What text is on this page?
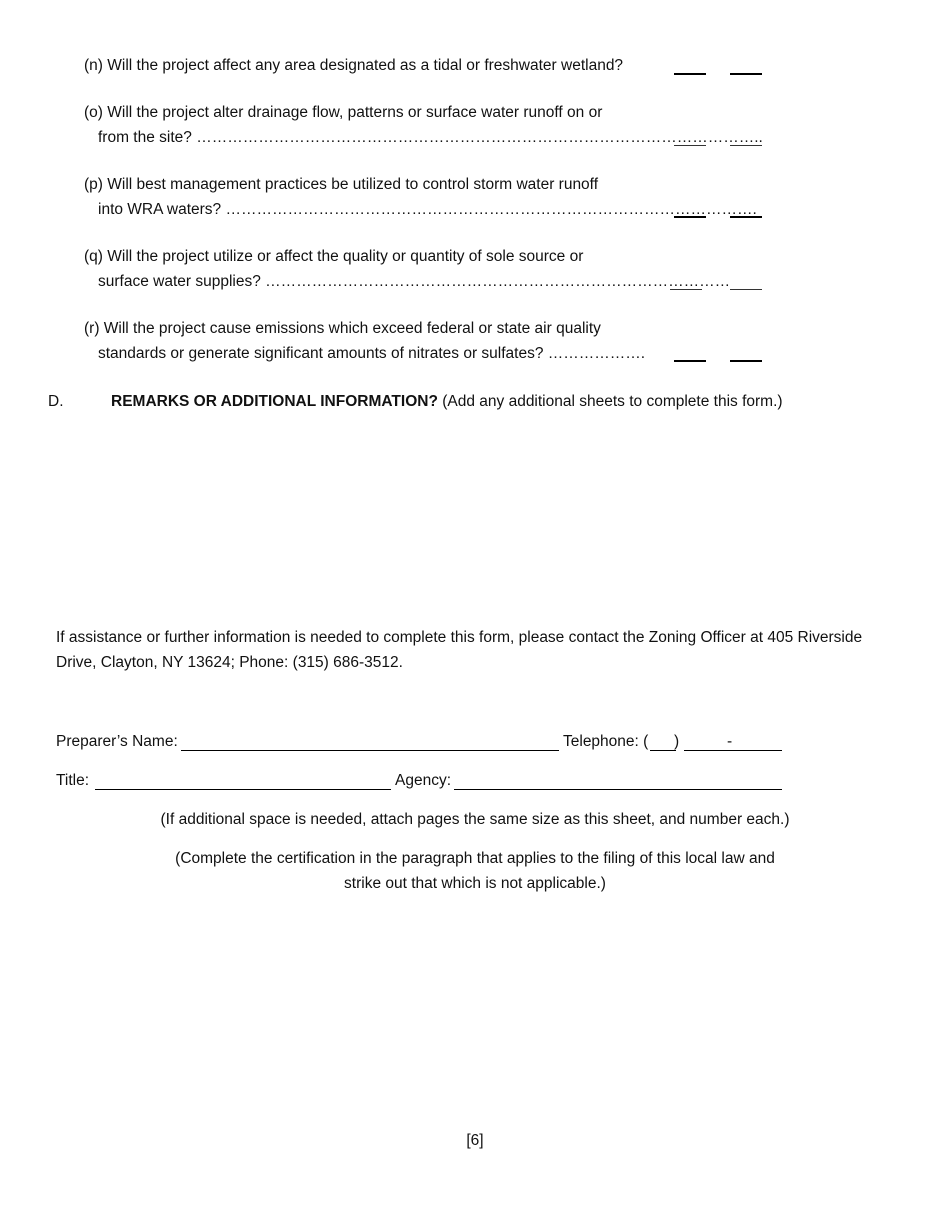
(n) Will the project affect any area designated as a tidal or freshwater wetland?
(o) Will the project alter drainage flow, patterns or surface water runoff on or
from the site? ………………………………………………………………………………………………..
(p) Will best management practices be utilized to control storm water runoff
into WRA waters? ………………………………………………………………………………………….
(q) Will the project utilize or affect the quality or quantity of sole source or
surface water supplies? ………………………………………………………………………………
(r) Will the project cause emissions which exceed federal or state air quality
standards or generate significant amounts of nitrates or sulfates? ……………….
D.	REMARKS OR ADDITIONAL INFORMATION? (Add any additional sheets to complete this form.)
If assistance or further information is needed to complete this form, please contact the Zoning Officer at 405 Riverside
Drive, Clayton, NY 13624; Phone: (315) 686-3512.
Preparer’s Name:	Telephone: ( )	-
Title:	Agency:
(If additional space is needed, attach pages the same size as this sheet, and number each.)
(Complete the certification in the paragraph that applies to the filing of this local law and
strike out that which is not applicable.)
[6]
